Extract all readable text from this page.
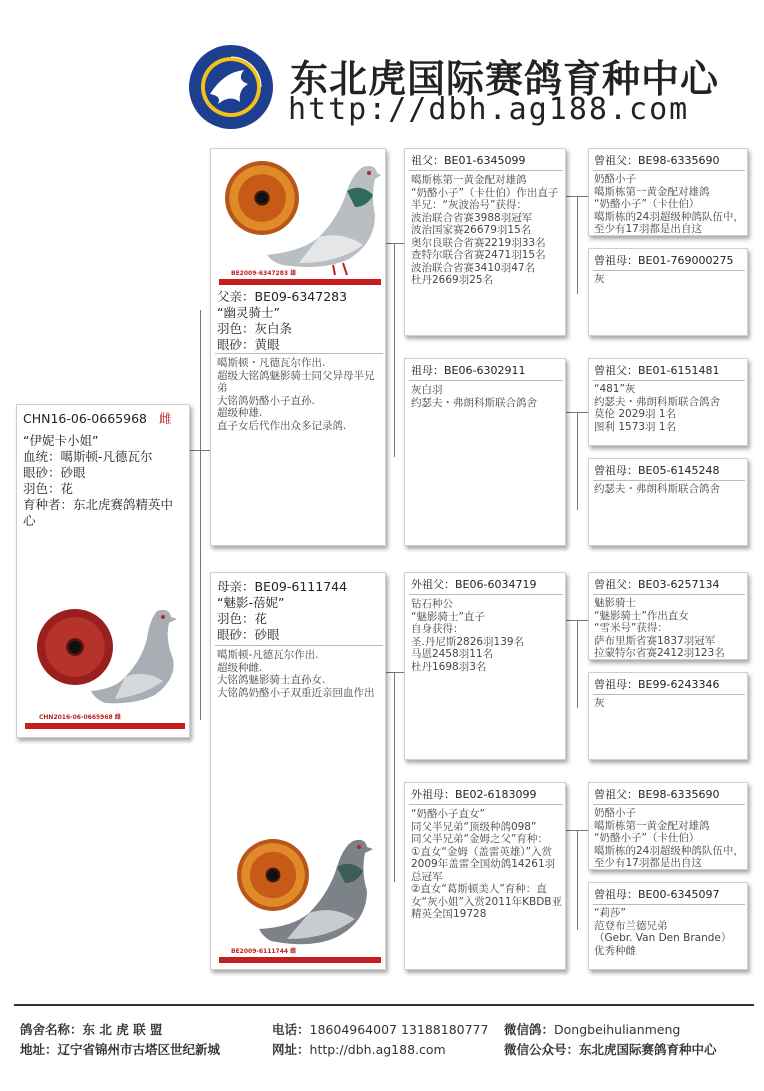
东北虎国际赛鸽育种中心
http://dbh.ag188.com
CHN16-06-0665968 雌
“伊妮卡小姐”
血统：噶斯顿-凡德瓦尔
眼砂：砂眼
羽色：花
育种者：东北虎赛鸽精英中心
CHN2016-06-0665968 雌
BE2009-6347283 雄
父亲：BE09-6347283
“幽灵骑士”
羽色：灰白条
眼砂：黄眼
噶斯顿・凡德瓦尔作出.
超级大铭鸽魅影骑士同父异母半兄弟
大铭鸽奶酪小子直孙.
超级种雄.
直子女后代作出众多记录鸽.
母亲：BE09-6111744
“魅影-蓓妮”
羽色：花
眼砂：砂眼
噶斯顿-凡德瓦尔作出.
超级种雌.
大铭鸽魅影骑士直孙女.
大铭鸽奶酪小子双重近亲回血作出
BE2009-6111744 雌
祖父：BE01-6345099
噶斯栋第一黄金配对雄鸽
“奶酪小子”（卡仕伯）作出直子
半兄：“灰波治号”获得：
波治联合省赛3988羽冠军
波治国家赛26679羽15名
奥尔良联合省赛2219羽33名
查特尔联合省赛2471羽15名
波治联合省赛3410羽47名
杜丹2669羽25名
祖母：BE06-6302911
灰白羽
约瑟夫・弗朗科斯联合鸽舍
外祖父：BE06-6034719
钻石种公
“魅影骑士”直子
自身获得：
圣.丹尼斯2826羽139名
马恩2458羽11名
杜丹1698羽3名
外祖母：BE02-6183099
“奶酪小子直女”
同父半兄弟“顶级种鸽098”
同父半兄弟“金姆之父”育种：
①直女“金姆（盖雷英雄）”入赏2009年盖雷全国幼鸽14261羽总冠军
②直女“葛斯顿美人”育种：直女“灰小姐”入赏2011年KBDB亚精英全国19728
曾祖父：BE98-6335690
奶酪小子
噶斯栋第一黄金配对雄鸽
“奶酪小子”（卡仕伯）
噶斯栋的24羽超级种鸽队伍中，至少有17羽都是出自这
曾祖母：BE01-769000275
灰
曾祖父：BE01-6151481
“481”灰
约瑟夫・弗朗科斯联合鸽舍
莫伦 2029羽 1名
图利 1573羽 1名
曾祖母：BE05-6145248
约瑟夫・弗朗科斯联合鸽舍
曾祖父：BE03-6257134
魅影骑士
“魅影骑士”作出直女
“雪米号”获得：
萨布里斯省赛1837羽冠军
拉蒙特尔省赛2412羽123名
曾祖母：BE99-6243346
灰
曾祖父：BE98-6335690
奶酪小子
噶斯栋第一黄金配对雄鸽
“奶酪小子”（卡仕伯）
噶斯栋的24羽超级种鸽队伍中，至少有17羽都是出自这
曾祖母：BE00-6345097
“莉莎”
范登布兰德兄弟
（Gebr. Van Den Brande）
优秀种雌
鸽舍名称：东 北 虎 联 盟	电话：18604964007 13188180777 微信鸽：Dongbeihulianmeng
地址：辽宁省锦州市古塔区世纪新城	网址：http://dbh.ag188.com	微信公众号：东北虎国际赛鸽育种中心
